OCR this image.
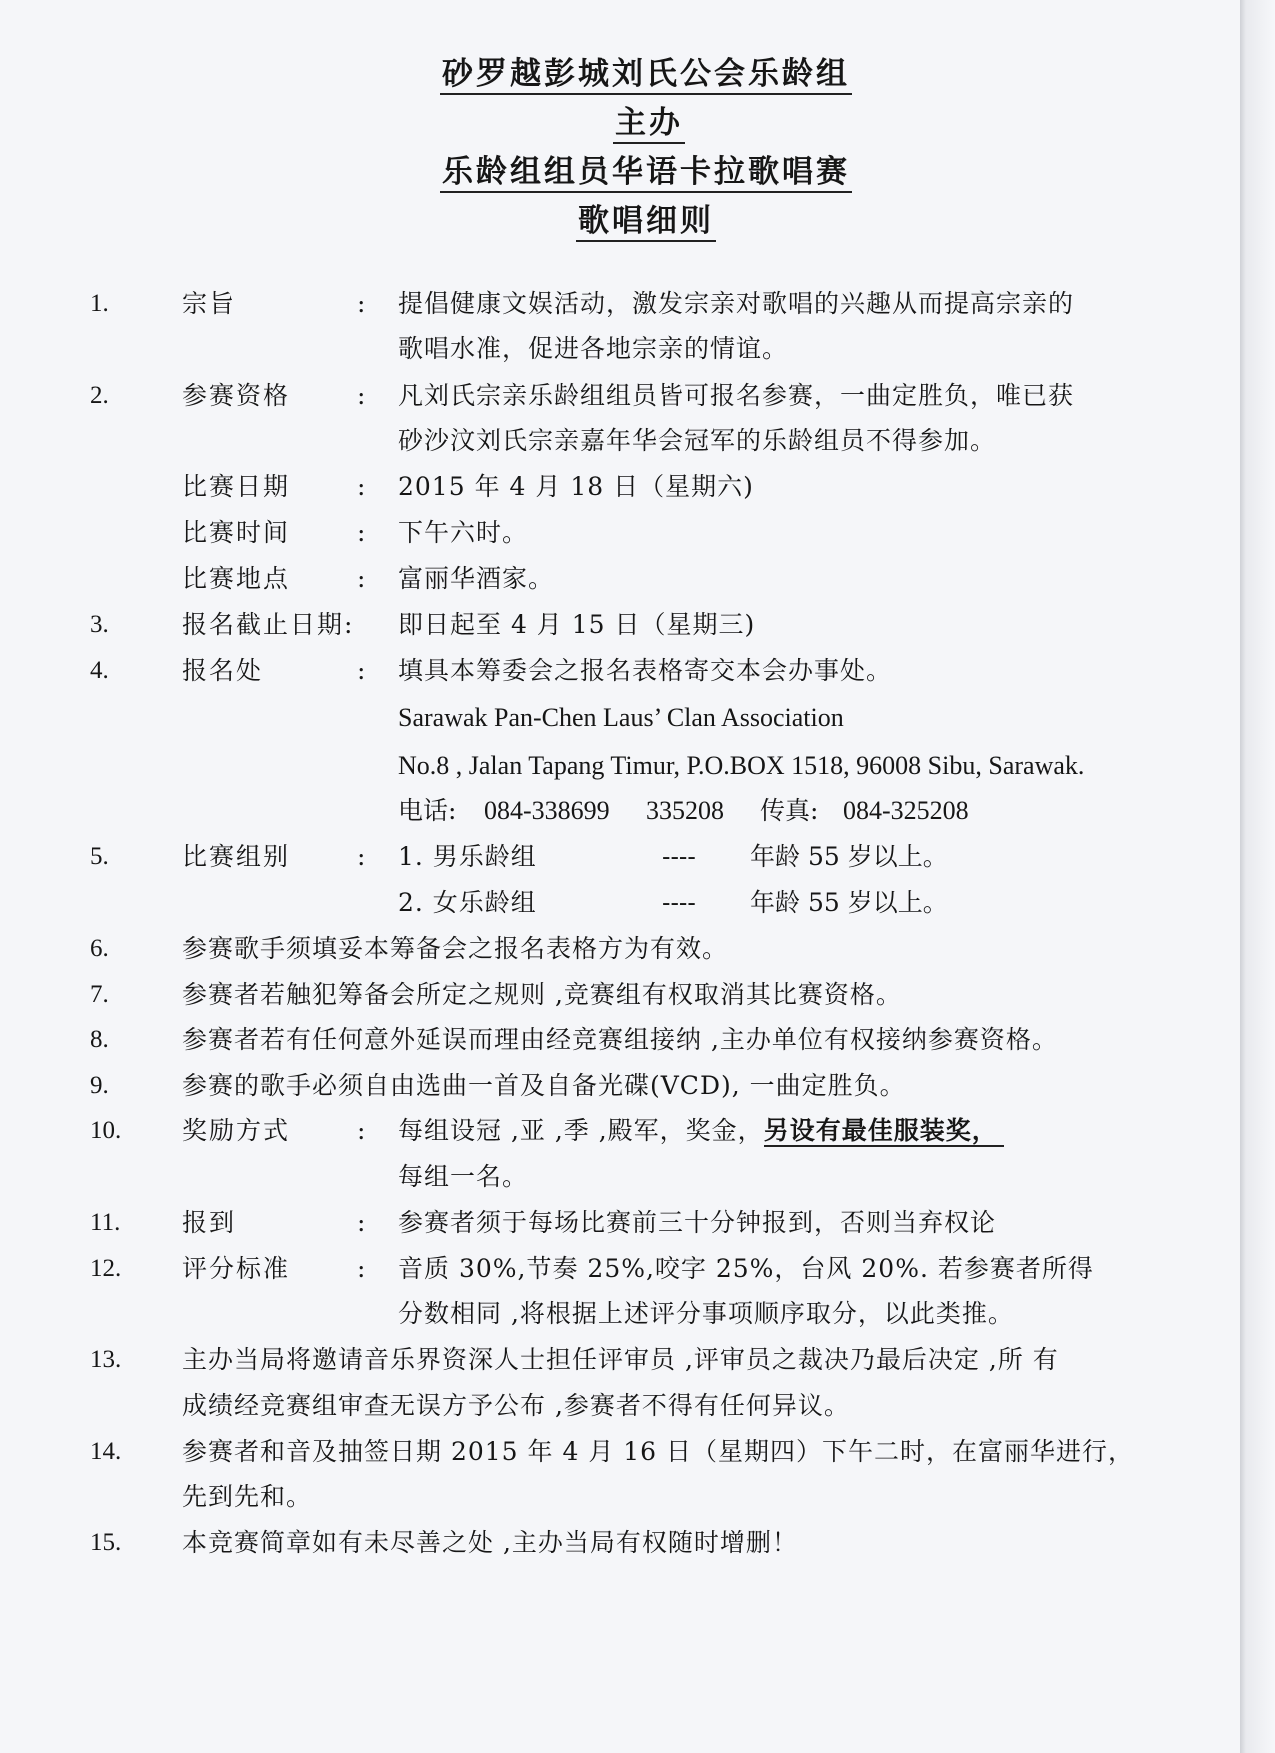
砂罗越彭城刘氏公会乐龄组
主办
乐龄组组员华语卡拉歌唱赛
歌唱细则
1.	宗旨	: 提倡健康文娱活动，激发宗亲对歌唱的兴趣从而提高宗亲的
歌唱水准，促进各地宗亲的情谊。
2.	参赛资格	: 凡刘氏宗亲乐龄组组员皆可报名参赛，一曲定胜负，唯已获
砂沙汶刘氏宗亲嘉年华会冠军的乐龄组员不得参加。
比赛日期	: 2015 年 4 月 18 日（星期六)
比赛时间	: 下午六时。
比赛地点	: 富丽华酒家。
3.	报名截止日期: 即日起至 4 月 15 日（星期三)
4.	报名处	: 填具本筹委会之报名表格寄交本会办事处。
Sarawak Pan-Chen Laus’ Clan Association
No.8 , Jalan Tapang Timur, P.O.BOX 1518, 96008 Sibu, Sarawak.
电话: 084-338699 335208 传真: 084-325208
5.	比赛组别	: 1. 男乐龄组	---- 年龄 55 岁以上。
2. 女乐龄组	---- 年龄 55 岁以上。
6.	参赛歌手须填妥本筹备会之报名表格方为有效。
7.	参赛者若触犯筹备会所定之规则 ,竞赛组有权取消其比赛资格。
8.	参赛者若有任何意外延误而理由经竞赛组接纳 ,主办单位有权接纳参赛资格。
9.	参赛的歌手必须自由选曲一首及自备光碟(VCD), 一曲定胜负。
10. 奖励方式	: 每组设冠 ,亚 ,季 ,殿军，奖金，另设有最佳服装奖，
每组一名。
11. 报到	: 参赛者须于每场比赛前三十分钟报到，否则当弃权论
12. 评分标准	: 音质 30%,节奏 25%,咬字 25%，台风 20%. 若参赛者所得
分数相同 ,将根据上述评分事项顺序取分，以此类推。
13. 主办当局将邀请音乐界资深人士担任评审员 ,评审员之裁决乃最后决定 ,所 有
成绩经竞赛组审查无误方予公布 ,参赛者不得有任何异议。
14. 参赛者和音及抽签日期 2015 年 4 月 16 日（星期四）下午二时，在富丽华进行，
先到先和。
15. 本竞赛简章如有未尽善之处 ,主办当局有权随时增删！
